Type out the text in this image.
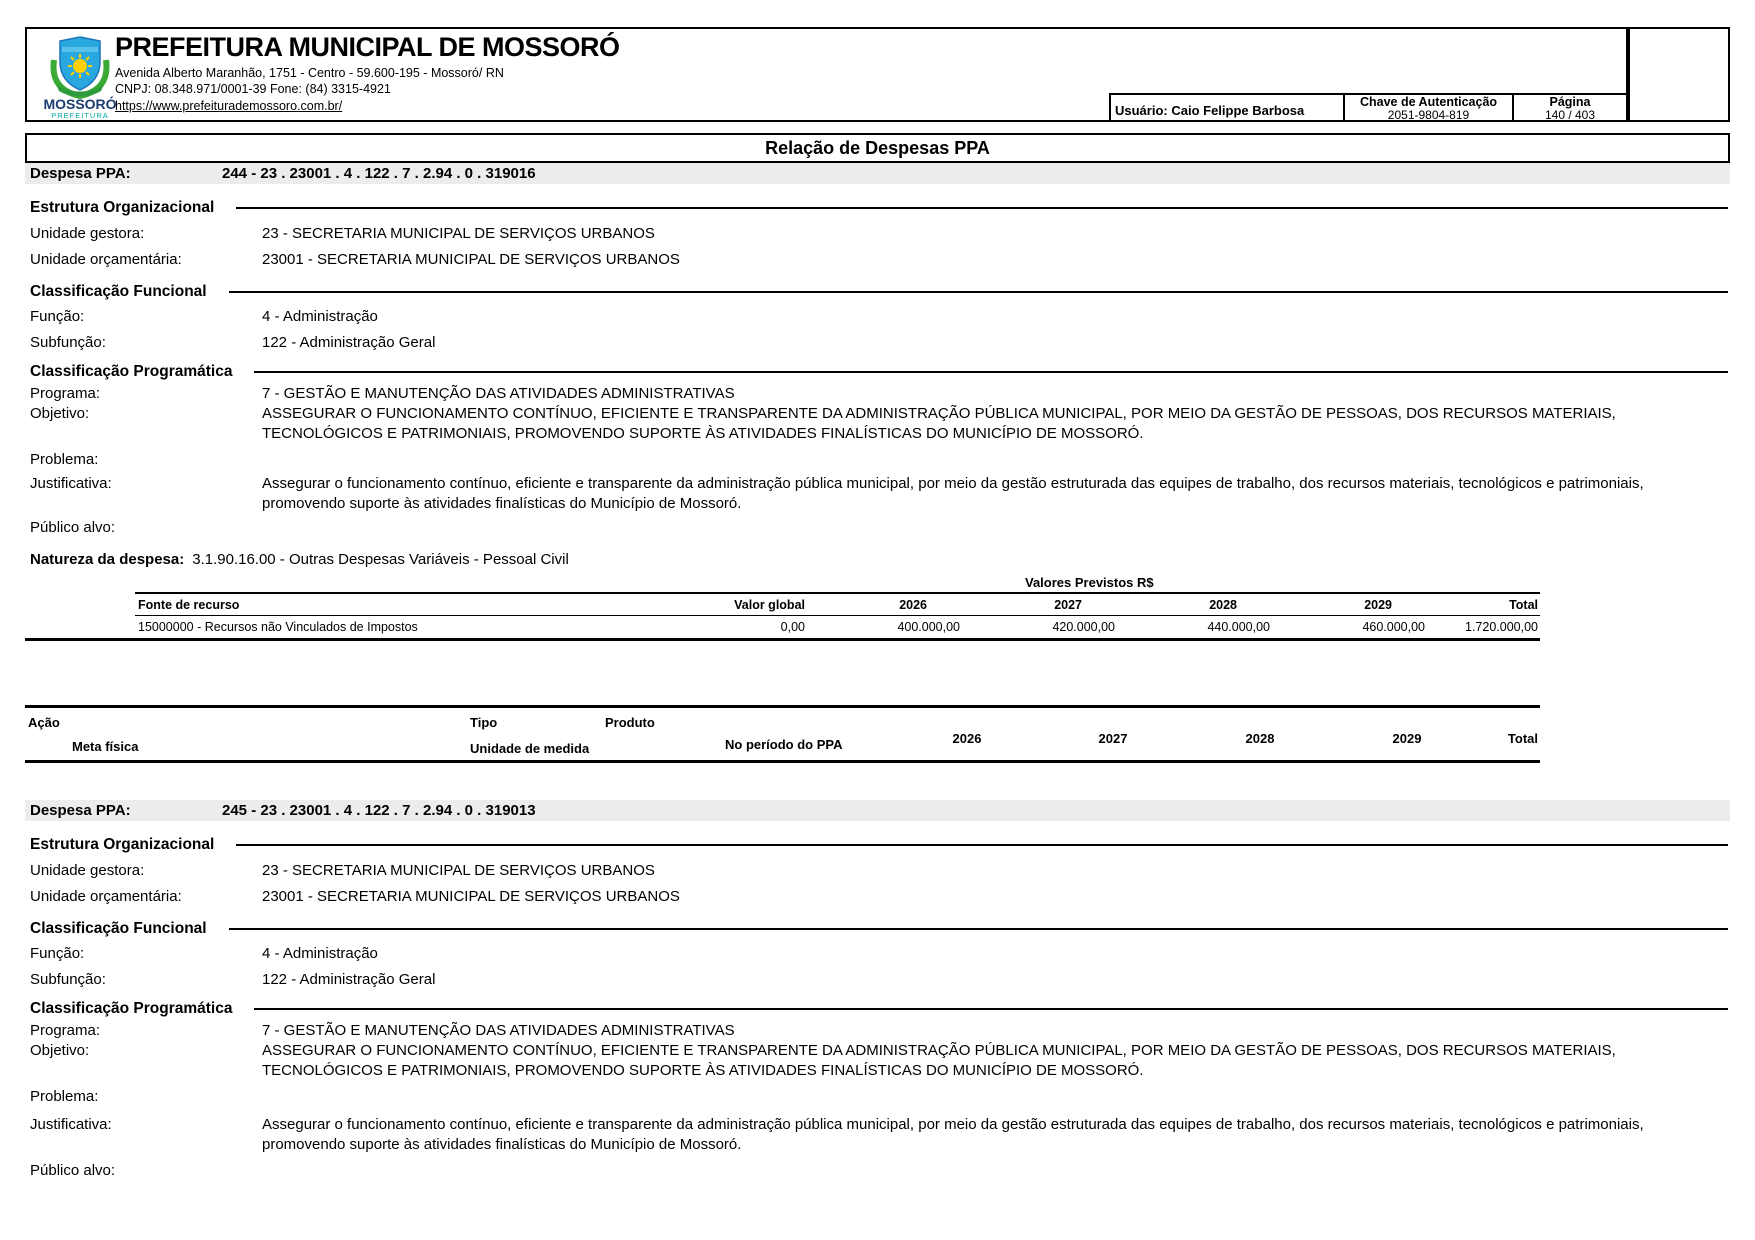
MOSSORÓ
PREFEITURA
PREFEITURA MUNICIPAL DE MOSSORÓ
Avenida Alberto Maranhão, 1751 - Centro - 59.600-195 - Mossoró/ RN
CNPJ: 08.348.971/0001-39 Fone: (84) 3315-4921
https://www.prefeiturademossoro.com.br/	Usuário: Caio Felippe Barbosa
Chave de Autenticação
2051-9804-819
Página
140 / 403
Relação de Despesas PPA
Despesa PPA:	244 - 23 . 23001 . 4 . 122 . 7 . 2.94 . 0 . 319016
Estrutura Organizacional
Unidade gestora:	23 - SECRETARIA MUNICIPAL DE SERVIÇOS URBANOS
Unidade orçamentária:	23001 - SECRETARIA MUNICIPAL DE SERVIÇOS URBANOS
Classificação Funcional
Função:	4 - Administração
Subfunção:	122 - Administração Geral
Classificação Programática
Programa:	7 - GESTÃO E MANUTENÇÃO DAS ATIVIDADES ADMINISTRATIVAS
Objetivo:	ASSEGURAR O FUNCIONAMENTO CONTÍNUO, EFICIENTE E TRANSPARENTE DA ADMINISTRAÇÃO PÚBLICA MUNICIPAL, POR MEIO DA GESTÃO DE PESSOAS, DOS RECURSOS MATERIAIS, TECNOLÓGICOS E PATRIMONIAIS, PROMOVENDO SUPORTE ÀS ATIVIDADES FINALÍSTICAS DO MUNICÍPIO DE MOSSORÓ.
Problema:
Justificativa:	Assegurar o funcionamento contínuo, eficiente e transparente da administração pública municipal, por meio da gestão estruturada das equipes de trabalho, dos recursos materiais, tecnológicos e patrimoniais, promovendo suporte às atividades finalísticas do Município de Mossoró.
Público alvo:
Natureza da despesa: 3.1.90.16.00 - Outras Despesas Variáveis - Pessoal Civil
Valores Previstos R$
Fonte de recurso	Valor global	2026	2027	2028	2029	Total
15000000 - Recursos não Vinculados de Impostos	0,00	400.000,00	420.000,00	440.000,00	460.000,00	1.720.000,00
Ação	Tipo	Produto
Meta física	Unidade de medida	No período do PPA	2026	2027	2028	2029	Total
Despesa PPA:	245 - 23 . 23001 . 4 . 122 . 7 . 2.94 . 0 . 319013
Estrutura Organizacional
Unidade gestora:	23 - SECRETARIA MUNICIPAL DE SERVIÇOS URBANOS
Unidade orçamentária:	23001 - SECRETARIA MUNICIPAL DE SERVIÇOS URBANOS
Classificação Funcional
Função:	4 - Administração
Subfunção:	122 - Administração Geral
Classificação Programática
Programa:	7 - GESTÃO E MANUTENÇÃO DAS ATIVIDADES ADMINISTRATIVAS
Objetivo:	ASSEGURAR O FUNCIONAMENTO CONTÍNUO, EFICIENTE E TRANSPARENTE DA ADMINISTRAÇÃO PÚBLICA MUNICIPAL, POR MEIO DA GESTÃO DE PESSOAS, DOS RECURSOS MATERIAIS, TECNOLÓGICOS E PATRIMONIAIS, PROMOVENDO SUPORTE ÀS ATIVIDADES FINALÍSTICAS DO MUNICÍPIO DE MOSSORÓ.
Problema:
Justificativa:	Assegurar o funcionamento contínuo, eficiente e transparente da administração pública municipal, por meio da gestão estruturada das equipes de trabalho, dos recursos materiais, tecnológicos e patrimoniais, promovendo suporte às atividades finalísticas do Município de Mossoró.
Público alvo:
